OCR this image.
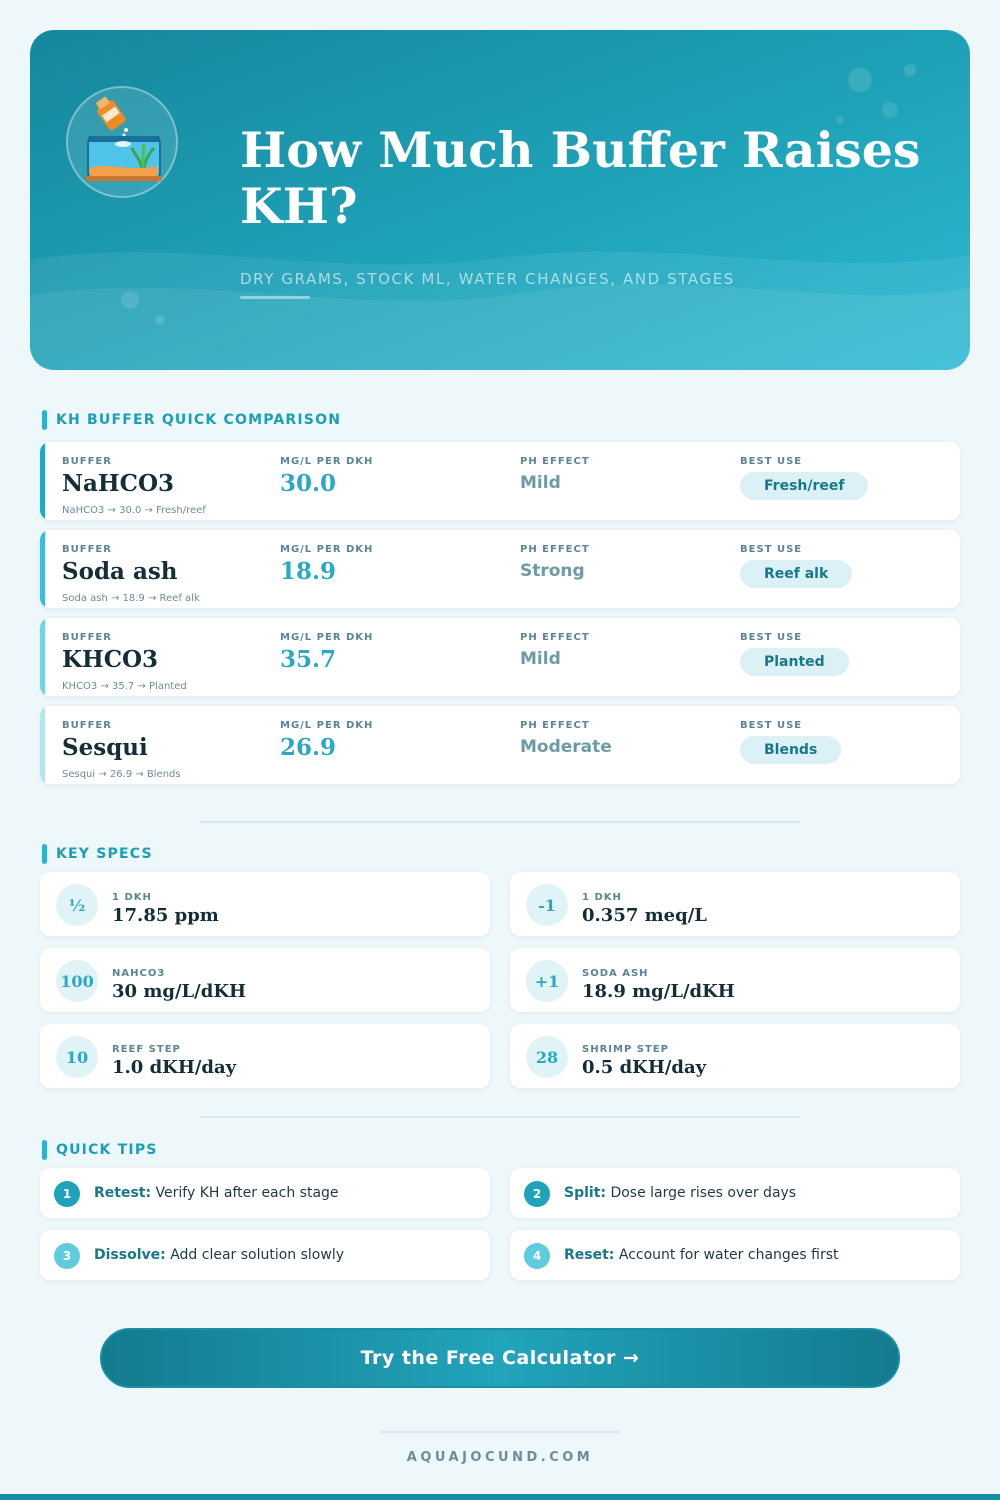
How Much Buffer Raises KH?
DRY GRAMS, STOCK ML, WATER CHANGES, AND STAGES
KH BUFFER QUICK COMPARISON
BUFFER
NaHCO3
MG/L PER DKH
30.0
PH EFFECT
Mild
BEST USE
Fresh/reef
NaHCO3 → 30.0 → Fresh/reef
BUFFER
Soda ash
MG/L PER DKH
18.9
PH EFFECT
Strong
BEST USE
Reef alk
Soda ash → 18.9 → Reef alk
BUFFER
KHCO3
MG/L PER DKH
35.7
PH EFFECT
Mild
BEST USE
Planted
KHCO3 → 35.7 → Planted
BUFFER
Sesqui
MG/L PER DKH
26.9
PH EFFECT
Moderate
BEST USE
Blends
Sesqui → 26.9 → Blends
KEY SPECS
½	1 DKH
17.85 ppm	-1	1 DKH
0.357 meq/L
100	NAHCO3
30 mg/L/dKH	+1	SODA ASH
18.9 mg/L/dKH
10	REEF STEP
1.0 dKH/day	28	SHRIMP STEP
0.5 dKH/day
QUICK TIPS
1	Retest: Verify KH after each stage	2	Split: Dose large rises over days
3	Dissolve: Add clear solution slowly	4	Reset: Account for water changes first
Try the Free Calculator →
AQUAJOCUND.COM
